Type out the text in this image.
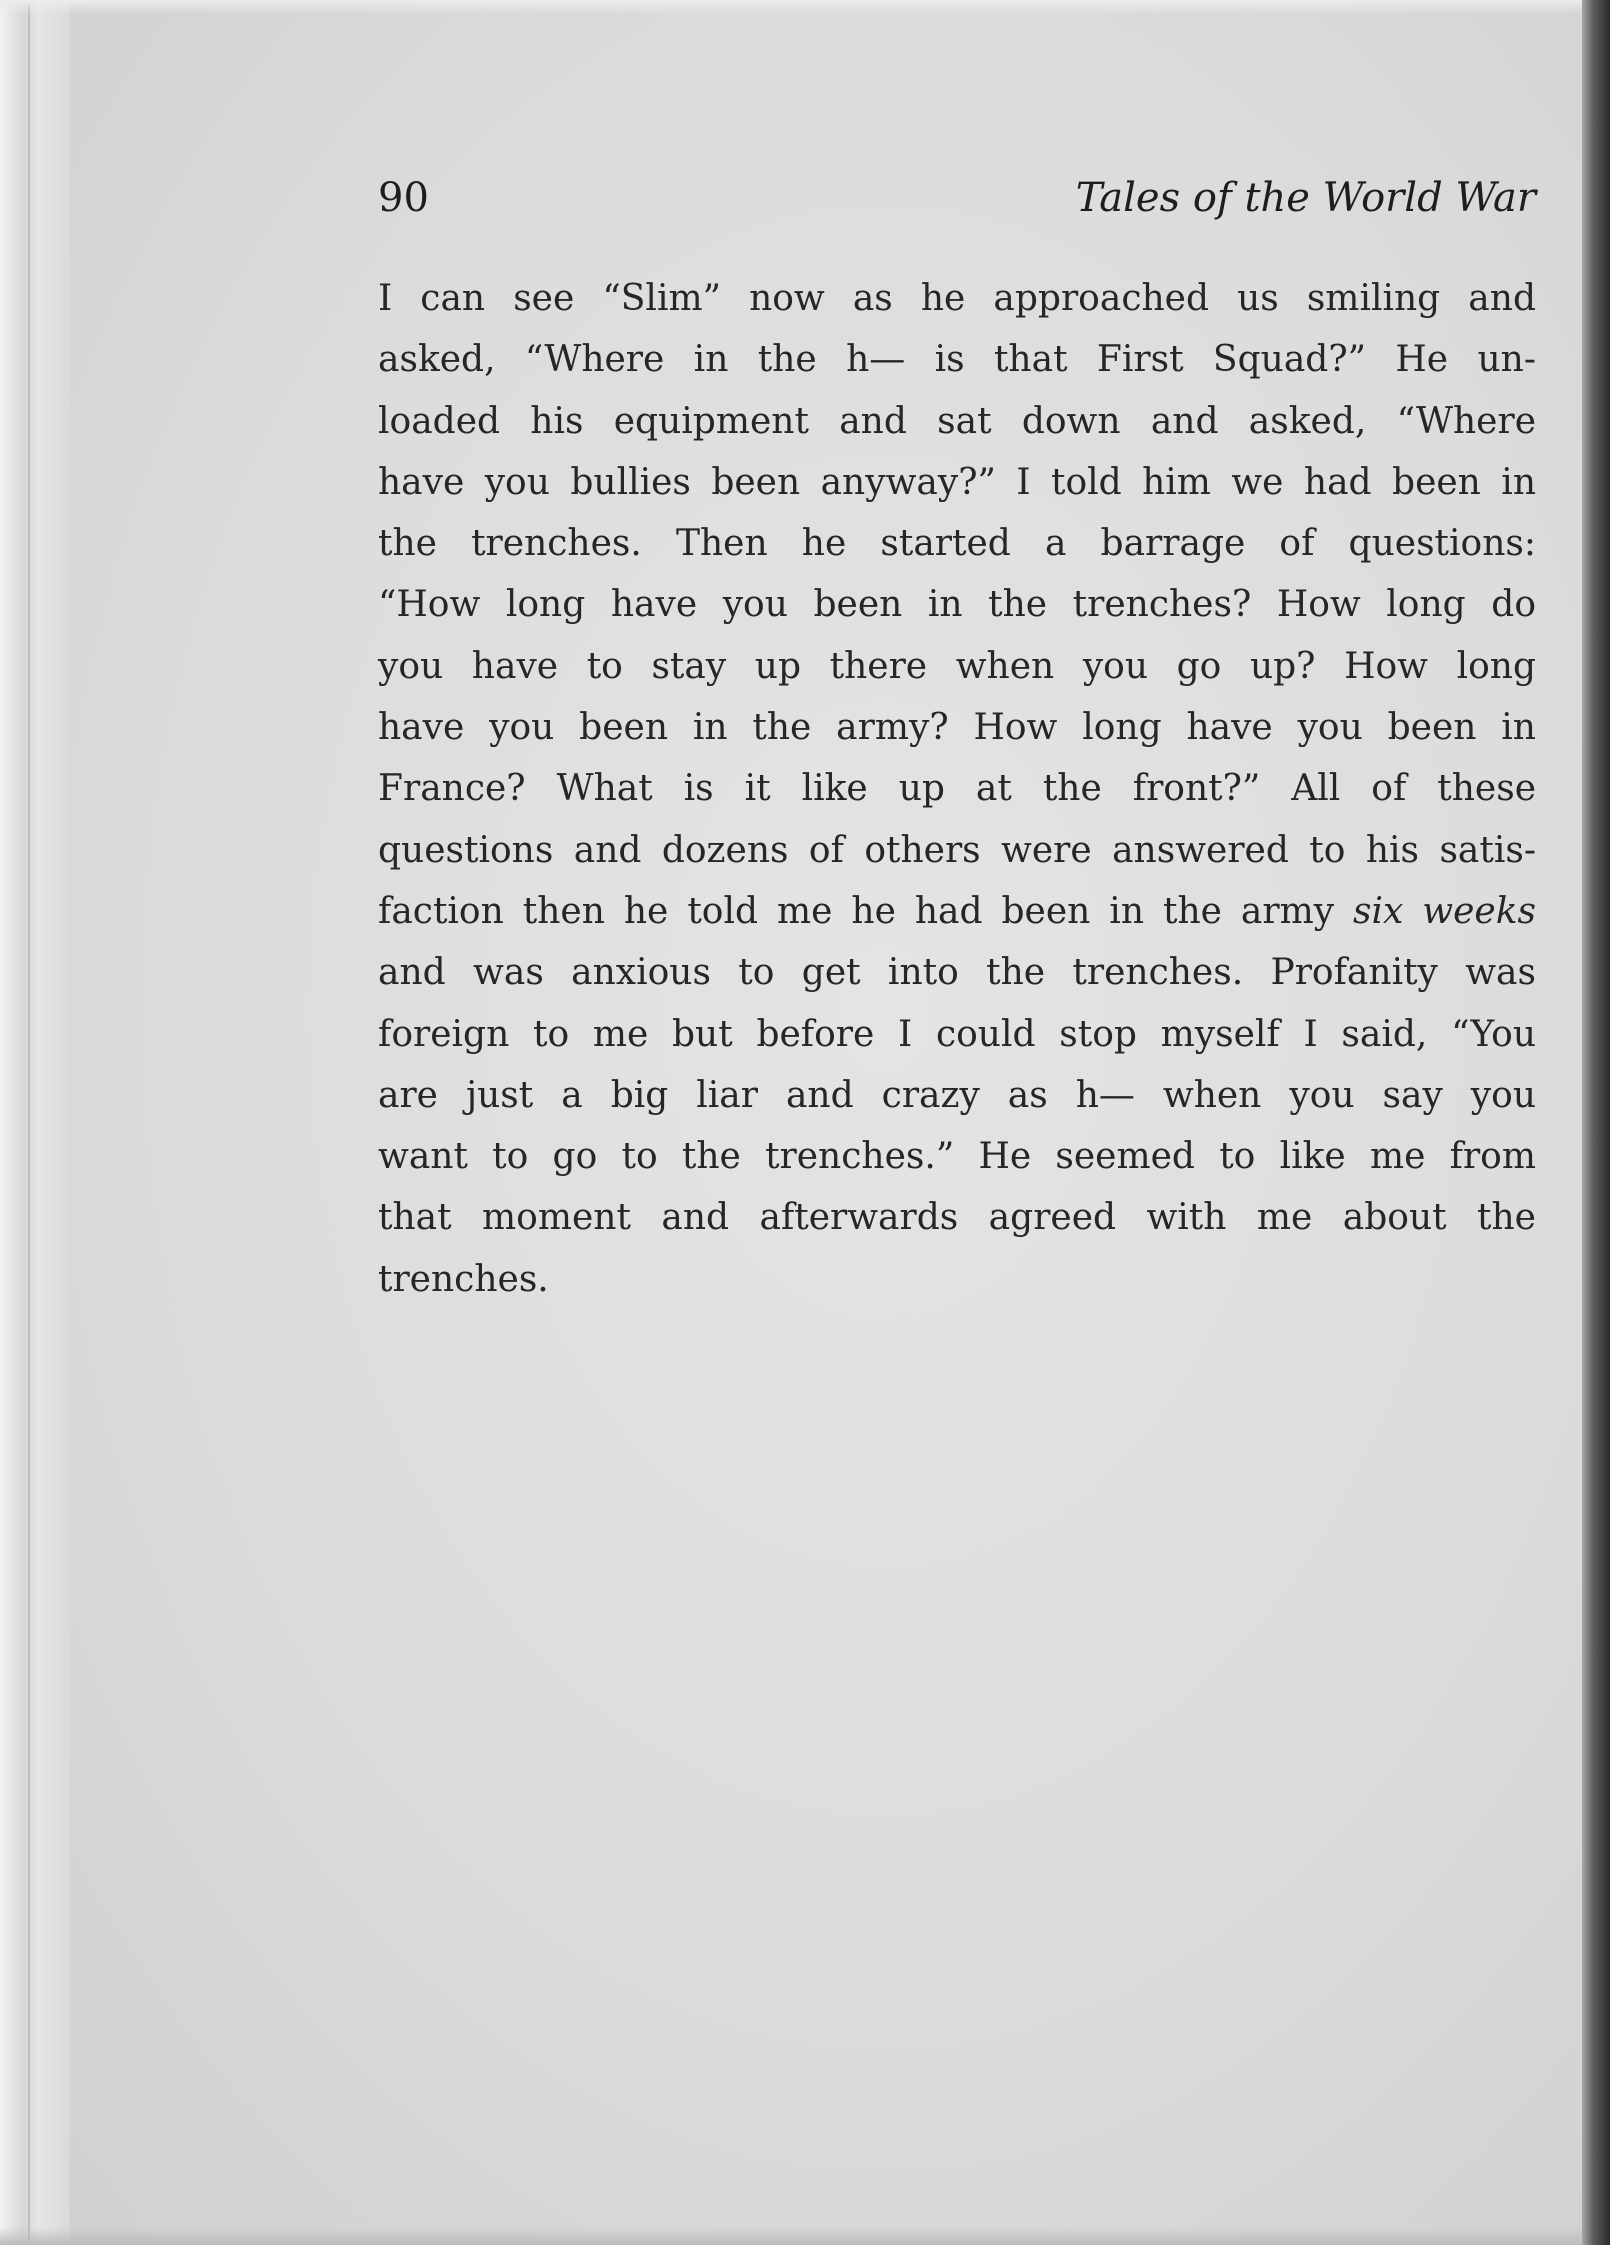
90	Tales of the World War
I can see “Slim” now as he approached us smiling and
asked, “Where in the h— is that First Squad?” He un-
loaded his equipment and sat down and asked, “Where
have you bullies been anyway?” I told him we had been in
the trenches. Then he started a barrage of questions:
“How long have you been in the trenches? How long do
you have to stay up there when you go up? How long
have you been in the army? How long have you been in
France? What is it like up at the front?” All of these
questions and dozens of others were answered to his satis-
faction then he told me he had been in the army six weeks
and was anxious to get into the trenches. Profanity was
foreign to me but before I could stop myself I said, “You
are just a big liar and crazy as h— when you say you
want to go to the trenches.” He seemed to like me from
that moment and afterwards agreed with me about the
trenches.
